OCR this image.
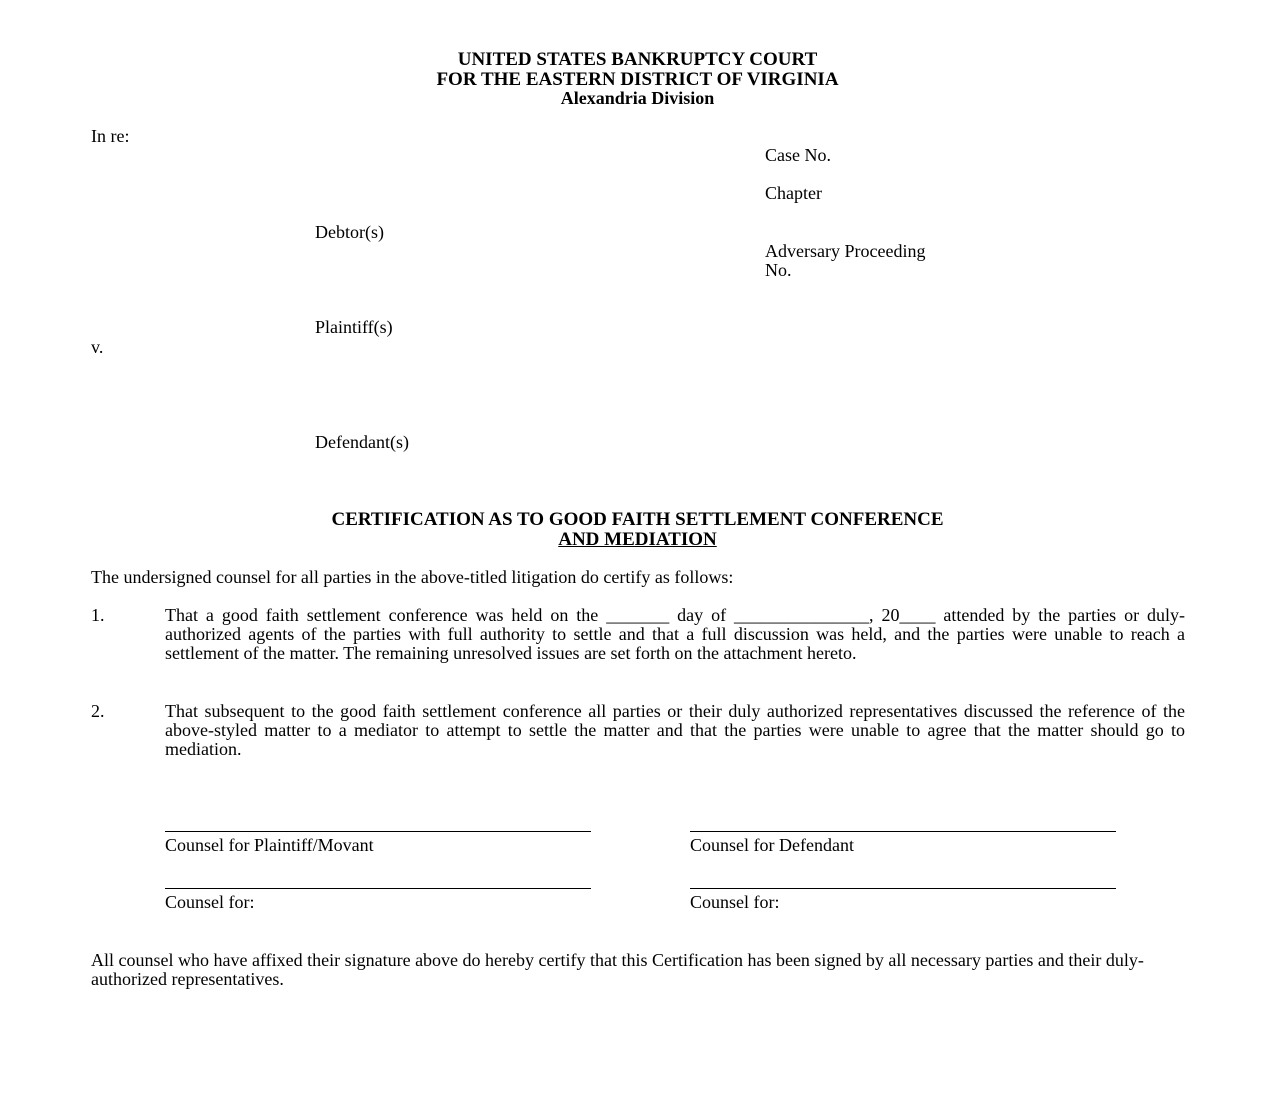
UNITED STATES BANKRUPTCY COURT
FOR THE EASTERN DISTRICT OF VIRGINIA
Alexandria Division
In re:
Case No.
Chapter
Debtor(s)
Adversary Proceeding
No.
Plaintiff(s)
v.
Defendant(s)
CERTIFICATION AS TO GOOD FAITH SETTLEMENT CONFERENCE
AND MEDIATION
The undersigned counsel for all parties in the above-titled litigation do certify as follows:
1.	That a good faith settlement conference was held on the _______ day of _______________, 20____ attended by the parties or duly-authorized agents of the parties with full authority to settle and that a full discussion was held, and the parties were unable to reach a settlement of the matter. The remaining unresolved issues are set forth on the attachment hereto.
2.	That subsequent to the good faith settlement conference all parties or their duly authorized representatives discussed the reference of the above-styled matter to a mediator to attempt to settle the matter and that the parties were unable to agree that the matter should go to mediation.
Counsel for Plaintiff/Movant	Counsel for Defendant
Counsel for:	Counsel for:
All counsel who have affixed their signature above do hereby certify that this Certification has been signed by all necessary parties and their duly-authorized representatives.
